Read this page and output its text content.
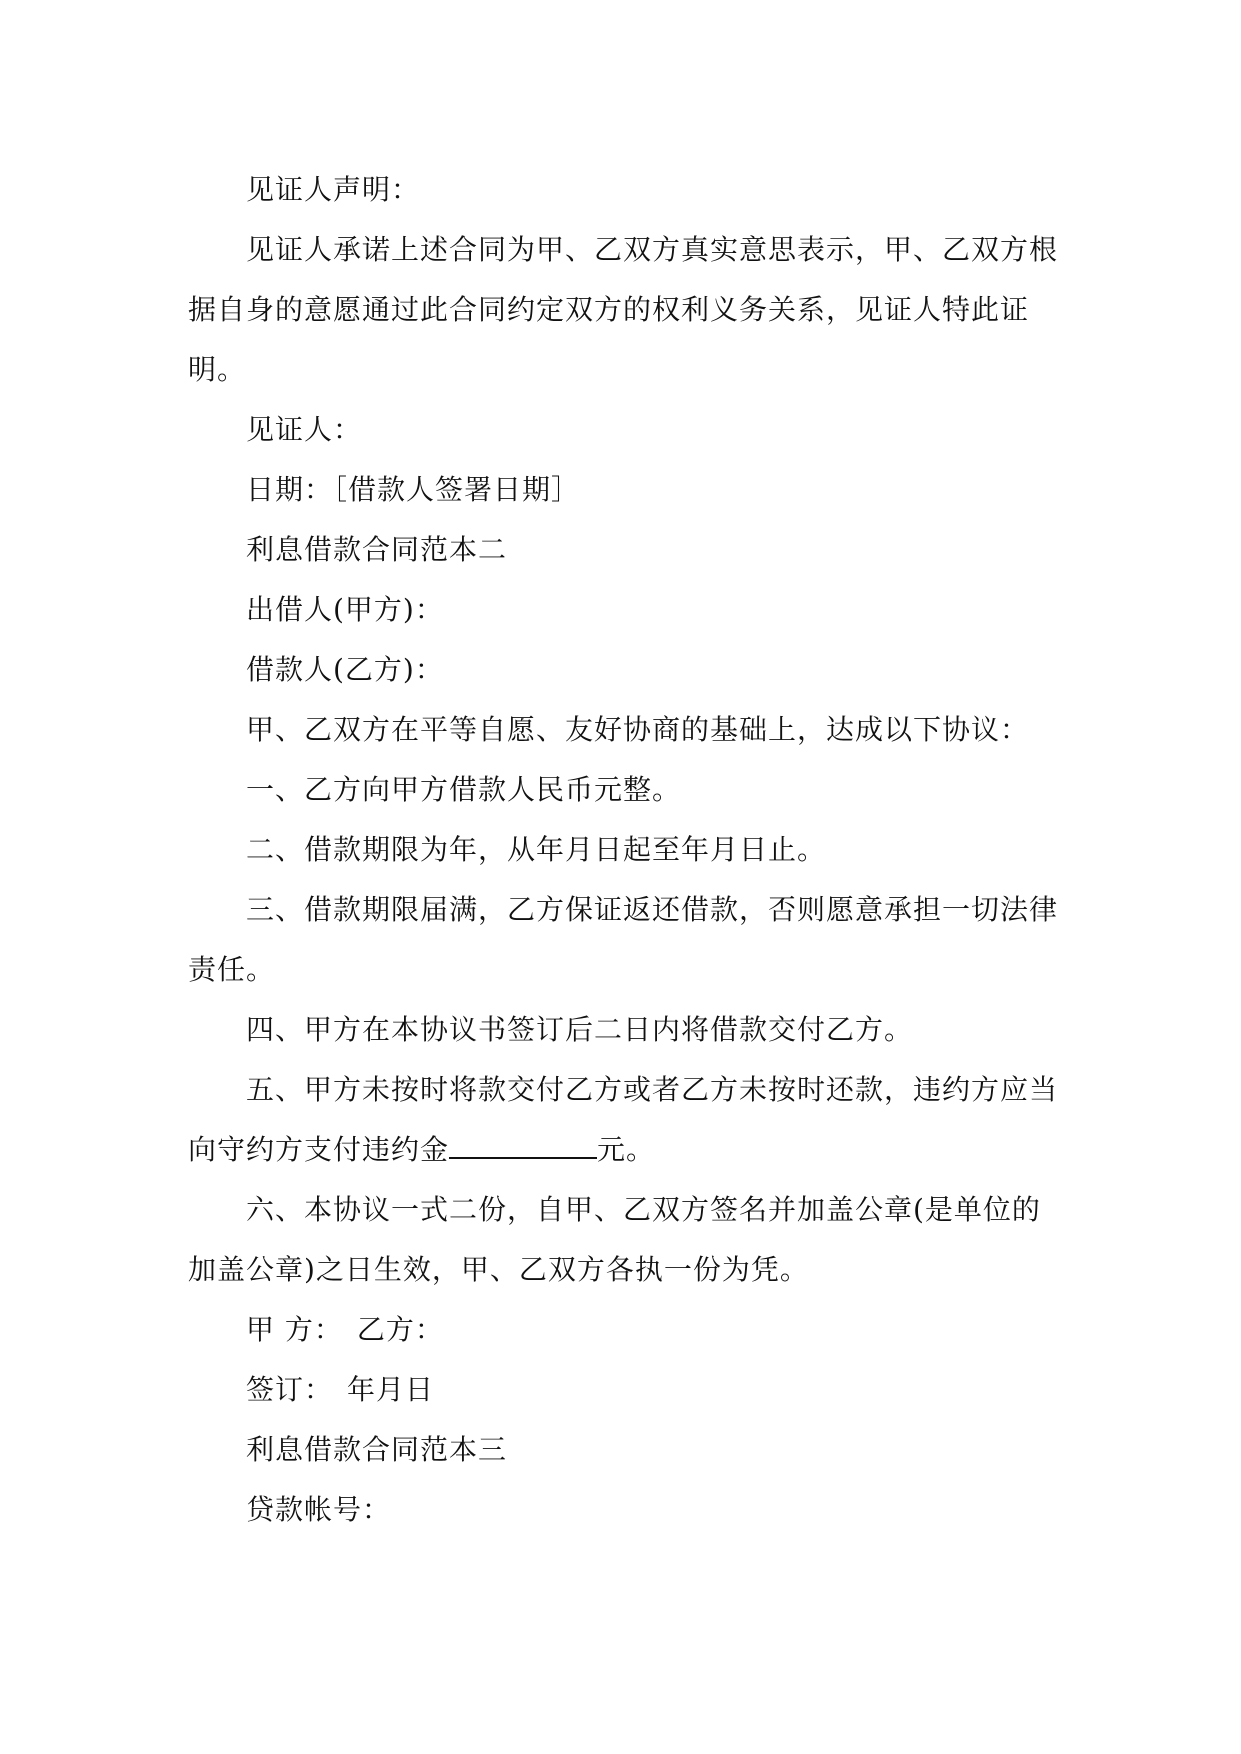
见证人声明：

见证人承诺上述合同为甲、乙双方真实意思表示，甲、乙双方根据自身的意愿通过此合同约定双方的权利义务关系，见证人特此证明。

见证人：

日期：［借款人签署日期］

利息借款合同范本二

出借人(甲方)：

借款人(乙方)：

甲、乙双方在平等自愿、友好协商的基础上，达成以下协议：

一、乙方向甲方借款人民币元整。

二、借款期限为年，从年月日起至年月日止。

三、借款期限届满，乙方保证返还借款，否则愿意承担一切法律责任。

四、甲方在本协议书签订后二日内将借款交付乙方。

五、甲方未按时将款交付乙方或者乙方未按时还款，违约方应当向守约方支付违约金	元。

六、本协议一式二份，自甲、乙双方签名并加盖公章(是单位的加盖公章)之日生效，甲、乙双方各执一份为凭。

甲 方： 乙方：

签订： 年月日

利息借款合同范本三

贷款帐号：
